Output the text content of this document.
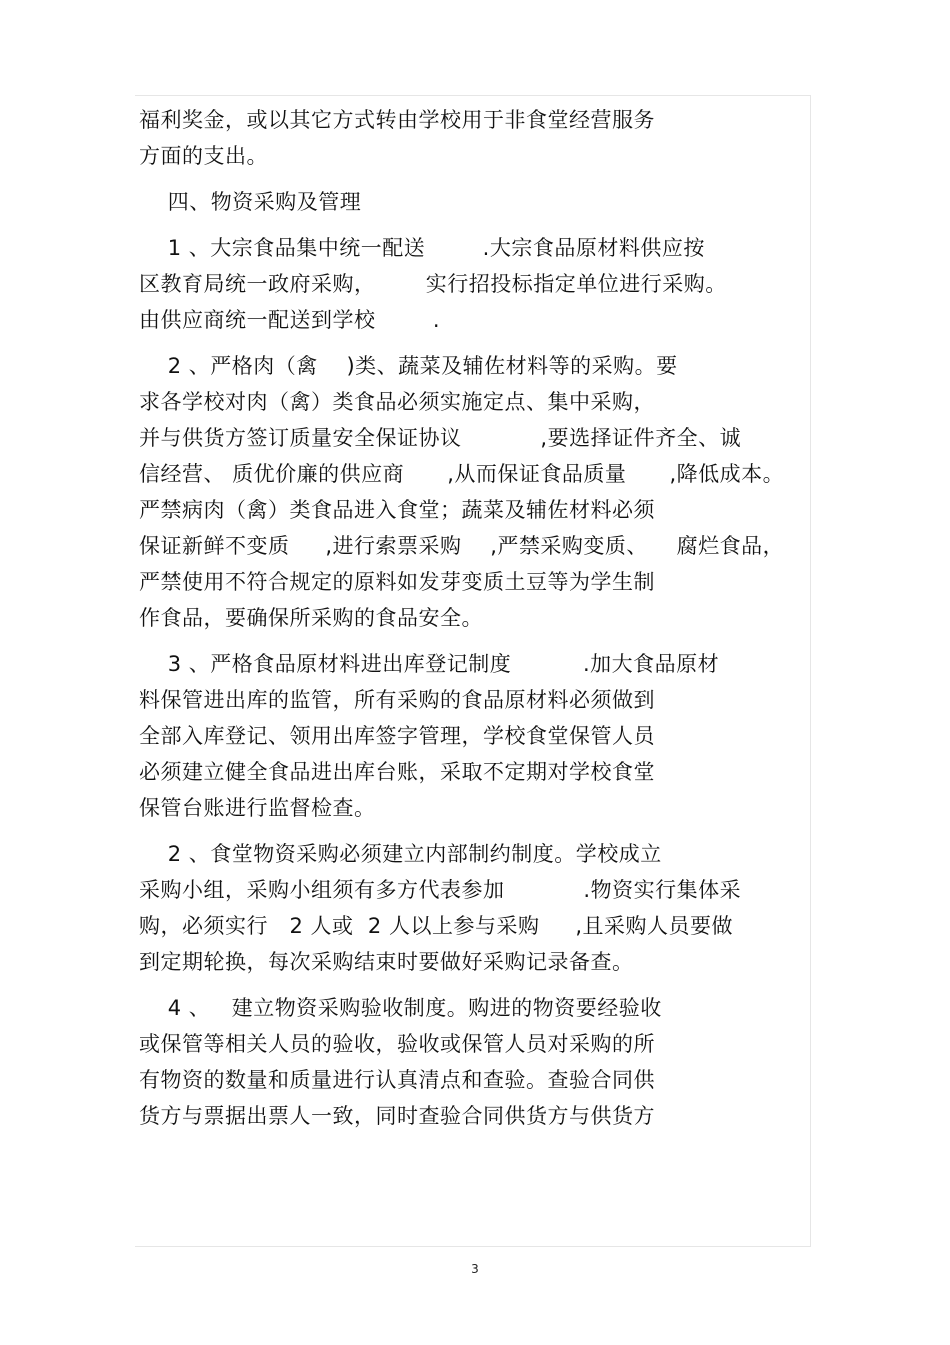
福利奖金，或以其它方式转由学校用于非食堂经营服务
方面的支出。
四、物资采购及管理
1 、大宗食品集中统一配送        .大宗食品原材料供应按
区教育局统一政府采购，       实行招投标指定单位进行采购。
由供应商统一配送到学校        .
2 、严格肉（禽    )类、蔬菜及辅佐材料等的采购。要
求各学校对肉（禽）类食品必须实施定点、集中采购，
并与供货方签订质量安全保证协议           ,要选择证件齐全、诚
信经营、 质优价廉的供应商      ,从而保证食品质量      ,降低成本。
严禁病肉（禽）类食品进入食堂；蔬菜及辅佐材料必须
保证新鲜不变质     ,进行索票采购    ,严禁采购变质、    腐烂食品，
严禁使用不符合规定的原料如发芽变质土豆等为学生制
作食品，要确保所采购的食品安全。
3 、严格食品原材料进出库登记制度          .加大食品原材
料保管进出库的监管，所有采购的食品原材料必须做到
全部入库登记、领用出库签字管理，学校食堂保管人员
必须建立健全食品进出库台账，采取不定期对学校食堂
保管台账进行监督检查。
2 、食堂物资采购必须建立内部制约制度。学校成立
采购小组，采购小组须有多方代表参加           .物资实行集体采
购，必须实行   2 人或  2 人以上参与采购     ,且采购人员要做
到定期轮换，每次采购结束时要做好采购记录备查。
4 、   建立物资采购验收制度。购进的物资要经验收
或保管等相关人员的验收，验收或保管人员对采购的所
有物资的数量和质量进行认真清点和查验。查验合同供
货方与票据出票人一致，同时查验合同供货方与供货方
3
